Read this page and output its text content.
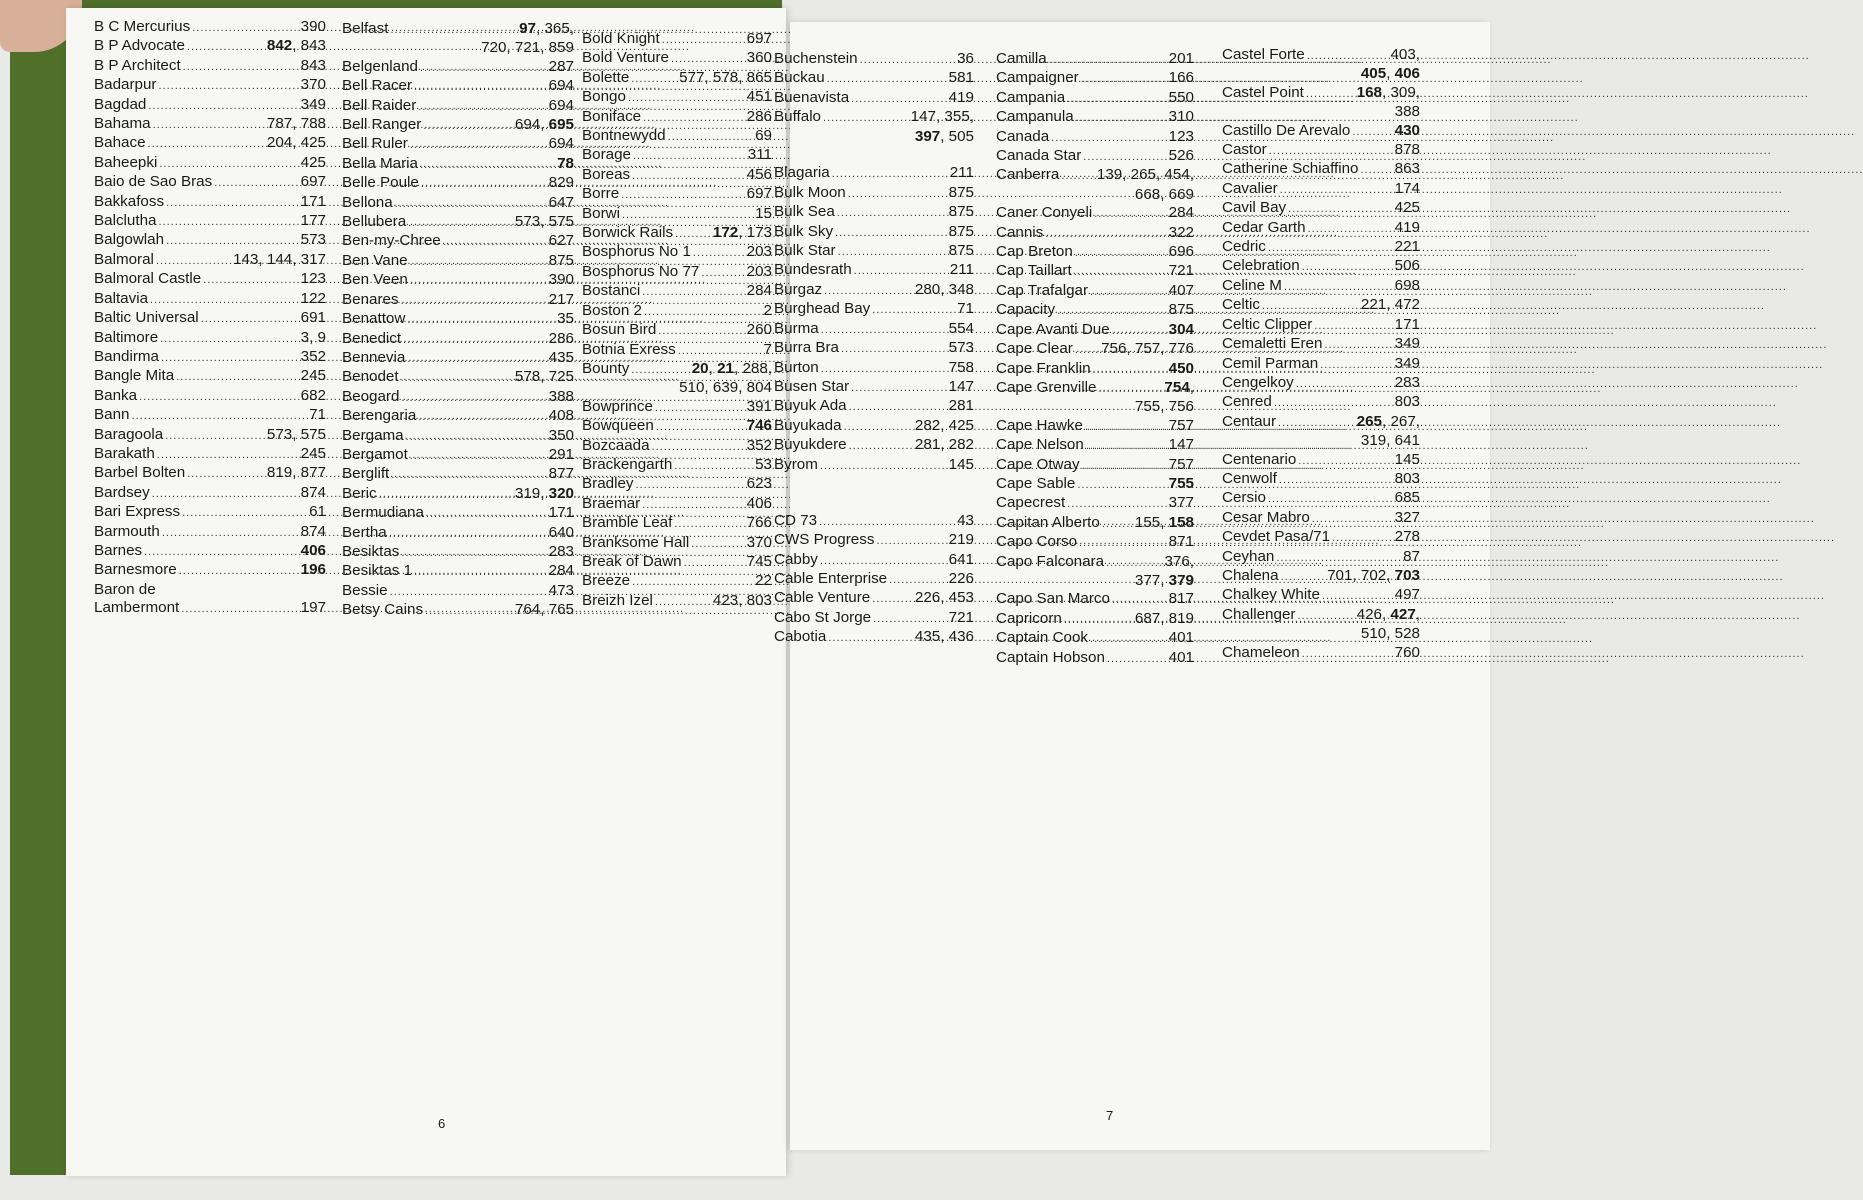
B C Mercurius .....	390
B P Advocate .....	842, 843
B P Architect .....	843
Badarpur .....	370
Bagdad .....	349
Bahama .....	787, 788
Bahace .....	204, 425
Baheepki .....	425
Baio de Sao Bras .....	697
Bakkafoss .....	171
Balclutha .....	177
Balgowlah .....	573
Balmoral .....	143, 144, 317
Balmoral Castle .....	123
Baltavia .....	122
Baltic Universal .....	691
Baltimore .....	3, 9
Bandirma .....	352
Bangle Mita .....	245
Banka .....	682
Bann .....	71
Baragoola .....	573, 575
Barakath .....	245
Barbel Bolten .....	819, 877
Bardsey .....	874
Bari Express .....	61
Barmouth .....	874
Barnes .....	406
Barnesmore .....	196
Baron de
Lambermont .....	197
Belfast .....	97, 365,
720, 721, 859
Belgenland .....	287
Bell Racer .....	694
Bell Raider .....	694
Bell Ranger .....	694, 695
Bell Ruler .....	694
Bella Maria .....	78
Belle Poule .....	829
Bellona .....	647
Bellubera .....	573, 575
Ben-my-Chree .....	627
Ben Vane .....	875
Ben Veen .....	390
Benares .....	217
Benattow .....	35
Benedict .....	286
Bennevia .....	435
Benodet .....	578, 725
Beogard .....	388
Berengaria .....	408
Bergama .....	350
Bergamot .....	291
Berglift .....	877
Beric .....	319, 320
Bermudiana .....	171
Bertha .....	640
Besiktas .....	283
Besiktas 1 .....	284
Bessie .....	473
Betsy Cains .....	764, 765
Bold Knight .....	697
Bold Venture .....	360
Bolette .....	577, 578, 865
Bongo .....	451
Boniface .....	286
Bontnewydd .....	69
Borage .....	311
Boreas .....	456
Borre .....	697
Borwi .....	15
Borwick Rails .....	172, 173
Bosphorus No 1 .....	203
Bosphorus No 77 .....	203
Bostanci .....	284
Boston 2 .....	2
Bosun Bird .....	260
Botnia Exress .....	7
Bounty .....	20, 21, 288,
510, 639, 804
Bowprince .....	391
Bowqueen .....	746
Bozcaada .....	352
Brackengarth .....	53
Bradley .....	623
Braemar .....	406
Bramble Leaf .....	766
Branksome Hall .....	370
Break of Dawn .....	745
Breeze .....	22
Breizh Izel .....	423, 803
6
Buchenstein .....	36
Buckau .....	581
Buenavista .....	419
Buffalo .....	147, 355,
397, 505

Blagaria .....	211
Bulk Moon .....	875
Bulk Sea .....	875
Bulk Sky .....	875
Bulk Star .....	875
Bundesrath .....	211
Burgaz .....	280, 348
Burghead Bay .....	71
Burma .....	554
Burra Bra .....	573
Burton .....	758
Busen Star .....	147
Buyuk Ada .....	281
Buyukada .....	282, 425
Buyukdere .....	281, 282
Byrom .....	145

CD 73 .....	43
CWS Progress .....	219
Cabby .....	641
Cable Enterprise .....	226
Cable Venture .....	226, 453
Cabo St Jorge .....	721
Cabotia .....	435, 436
Camilla .....	201
Campaigner .....	166
Campania .....	550
Campanula .....	310
Canada .....	123
Canada Star .....	526
Canberra ..... 139, 265, 454,
668, 669
Caner Conyeli .....	284
Cannis .....	322
Cap Breton .....	696
Cap Taillart .....	721
Cap Trafalgar .....	407
Capacity .....	875
Cape Avanti Due .....	304
Cape Clear ..... 756, 757, 776
Cape Franklin .....	450
Cape Grenville .....	754,
755, 756
Cape Hawke .....	757
Cape Nelson .....	147
Cape Otway .....	757
Cape Sable .....	755
Capecrest .....	377
Capitan Alberto ..... 155, 158
Capo Corso .....	871
Capo Falconara .....	376,
377, 379
Capo San Marco .....	817
Capricorn .....	687, 819
Captain Cook .....	401
Captain Hobson .....	401
Castel Forte .....	403,
405, 406
Castel Point .....	168, 309,
388
Castillo De Arevalo .....	430
Castor .....	878
Catherine Schiaffino ..... 863
Cavalier .....	174
Cavil Bay .....	425
Cedar Garth .....	419
Cedric .....	221
Celebration .....	506
Celine M .....	698
Celtic .....	221, 472
Celtic Clipper .....	171
Cemaletti Eren .....	349
Cemil Parman .....	349
Cengelkoy .....	283
Cenred .....	803
Centaur .....	265, 267,
319, 641
Centenario .....	145
Cenwolf .....	803
Cersio .....	685
Cesar Mabro .....	327
Cevdet Pasa/71 .....	278
Ceyhan .....	87
Chalena .....	701, 702, 703
Chalkey White .....	497
Challenger .....	426, 427,
510, 528
Chameleon .....	760
7
